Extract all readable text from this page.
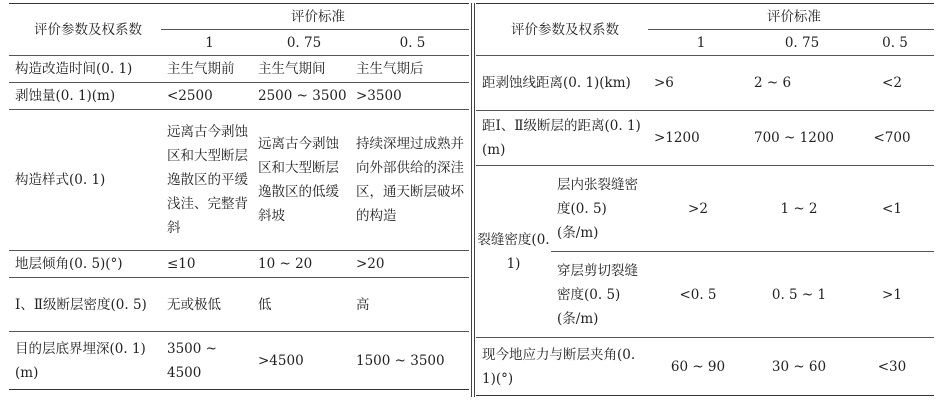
评价参数及权系数	评价标准		
	1	0. 75	0. 5
构造改造时间(0. 1)	主生气期前	主生气期间	主生气期后
剥蚀量(0. 1)(m)	<2500	2500 ~ 3500	>3500
构造样式(0. 1)	远离古今剥蚀区和大型断层逸散区的平缓浅洼、完整背斜	远离古今剥蚀区和大型断层逸散区的低缓斜坡	持续深埋过成熟并向外部供给的深洼区，通天断层破坏的构造
地层倾角(0. 5)(°)	≤10	10 ~ 20	>20
Ⅰ、Ⅱ级断层密度(0. 5)	无或极低	低	高
目的层底界埋深(0. 1)(m)	3500 ~ 4500	>4500	1500 ~ 3500
评价参数及权系数		评价标准		
		1	0. 75	0. 5
距剥蚀线距离(0. 1)(km)		>6	2 ~ 6	<2
距Ⅰ、Ⅱ级断层的距离(0. 1)(m)		>1200	700 ~ 1200	<700
裂缝密度(0. 1)	层内张裂缝密度(0. 5)(条/m)	>2	1 ~ 2	<1
	穿层剪切裂缝密度(0. 5)(条/m)	<0. 5	0. 5 ~ 1	>1
现今地应力与断层夹角(0. 1)(°)		60 ~ 90	30 ~ 60	<30
